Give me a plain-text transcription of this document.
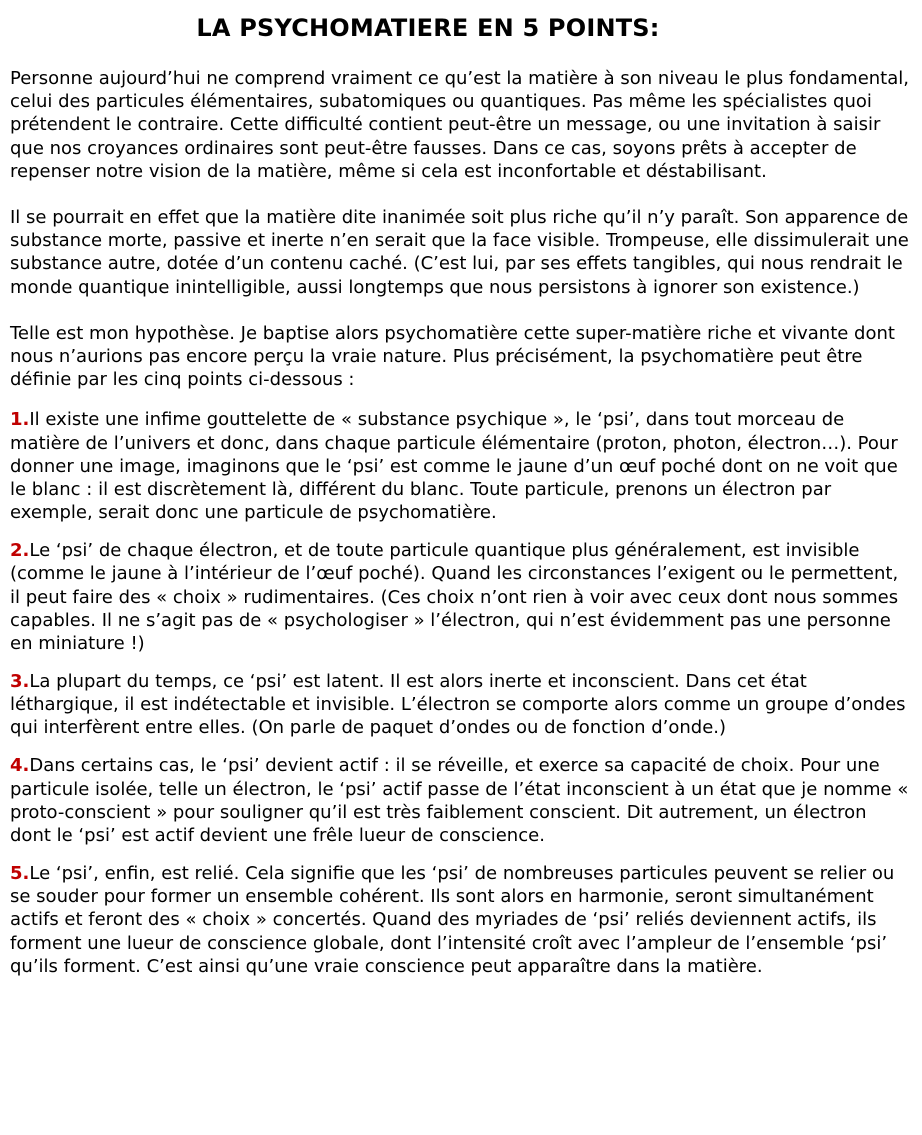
LA PSYCHOMATIERE EN 5 POINTS:

Personne aujourd’hui ne comprend vraiment ce qu’est la matière à son niveau le plus fondamental, celui des particules élémentaires, subatomiques ou quantiques. Pas même les spécialistes quoi prétendent le contraire. Cette difficulté contient peut-être un message, ou une invitation à saisir que nos croyances ordinaires sont peut-être fausses. Dans ce cas, soyons prêts à accepter de repenser notre vision de la matière, même si cela est inconfortable et déstabilisant.

Il se pourrait en effet que la matière dite inanimée soit plus riche qu’il n’y paraît. Son apparence de substance morte, passive et inerte n’en serait que la face visible. Trompeuse, elle dissimulerait une substance autre, dotée d’un contenu caché. (C’est lui, par ses effets tangibles, qui nous rendrait le monde quantique inintelligible, aussi longtemps que nous persistons à ignorer son existence.)

Telle est mon hypothèse. Je baptise alors psychomatière cette super-matière riche et vivante dont nous n’aurions pas encore perçu la vraie nature. Plus précisément, la psychomatière peut être définie par les cinq points ci-dessous :

1.Il existe une infime gouttelette de « substance psychique », le ‘psi’, dans tout morceau de matière de l’univers et donc, dans chaque particule élémentaire (proton, photon, électron…). Pour donner une image, imaginons que le ‘psi’ est comme le jaune d’un œuf poché dont on ne voit que le blanc : il est discrètement là, différent du blanc. Toute particule, prenons un électron par exemple, serait donc une particule de psychomatière.

2.Le ‘psi’ de chaque électron, et de toute particule quantique plus généralement, est invisible (comme le jaune à l’intérieur de l’œuf poché). Quand les circonstances l’exigent ou le permettent, il peut faire des « choix » rudimentaires. (Ces choix n’ont rien à voir avec ceux dont nous sommes capables. Il ne s’agit pas de « psychologiser » l’électron, qui n’est évidemment pas une personne en miniature !)

3.La plupart du temps, ce ‘psi’ est latent. Il est alors inerte et inconscient. Dans cet état léthargique, il est indétectable et invisible. L’électron se comporte alors comme un groupe d’ondes qui interfèrent entre elles. (On parle de paquet d’ondes ou de fonction d’onde.)

4.Dans certains cas, le ‘psi’ devient actif : il se réveille, et exerce sa capacité de choix. Pour une particule isolée, telle un électron, le ‘psi’ actif passe de l’état inconscient à un état que je nomme « proto-conscient » pour souligner qu’il est très faiblement conscient. Dit autrement, un électron dont le ‘psi’ est actif devient une frêle lueur de conscience.

5.Le ‘psi’, enfin, est relié. Cela signifie que les ‘psi’ de nombreuses particules peuvent se relier ou se souder pour former un ensemble cohérent. Ils sont alors en harmonie, seront simultanément actifs et feront des « choix » concertés. Quand des myriades de ‘psi’ reliés deviennent actifs, ils forment une lueur de conscience globale, dont l’intensité croît avec l’ampleur de l’ensemble ‘psi’ qu’ils forment. C’est ainsi qu’une vraie conscience peut apparaître dans la matière.
